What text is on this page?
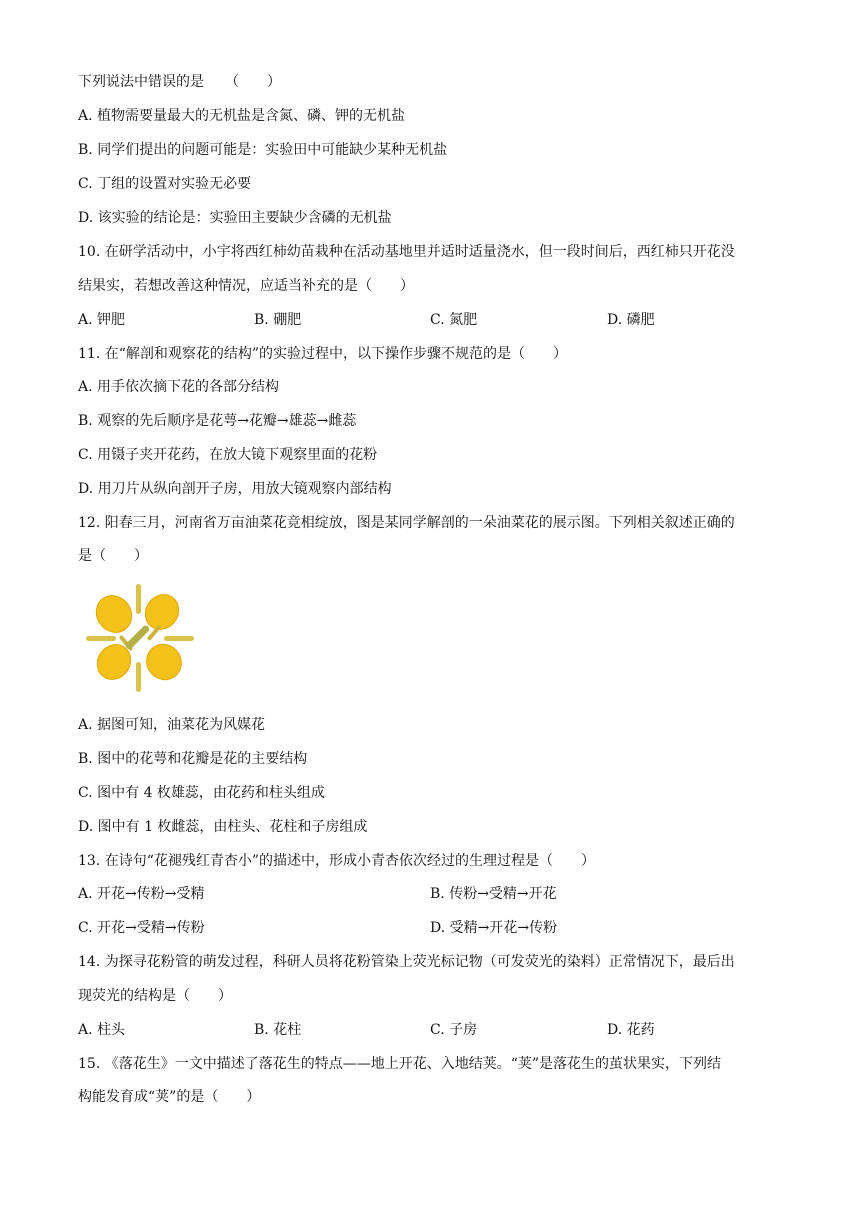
下列说法中错误的是　　（　　）
A. 植物需要量最大的无机盐是含氮、磷、钾的无机盐
B. 同学们提出的问题可能是：实验田中可能缺少某种无机盐
C. 丁组的设置对实验无必要
D. 该实验的结论是：实验田主要缺少含磷的无机盐
10. 在研学活动中，小宇将西红柿幼苗栽种在活动基地里并适时适量浇水，但一段时间后，西红柿只开花没
结果实，若想改善这种情况，应适当补充的是（　　）
A. 钾肥	B. 硼肥	C. 氮肥	D. 磷肥
11. 在“解剖和观察花的结构”的实验过程中，以下操作步骤不规范的是（　　）
A. 用手依次摘下花的各部分结构
B. 观察的先后顺序是花萼→花瓣→雄蕊→雌蕊
C. 用镊子夹开花药，在放大镜下观察里面的花粉
D. 用刀片从纵向剖开子房，用放大镜观察内部结构
12. 阳春三月，河南省万亩油菜花竞相绽放，图是某同学解剖的一朵油菜花的展示图。下列相关叙述正确的
是（　　）
A. 据图可知，油菜花为风媒花
B. 图中的花萼和花瓣是花的主要结构
C. 图中有 4 枚雄蕊，由花药和柱头组成
D. 图中有 1 枚雌蕊，由柱头、花柱和子房组成
13. 在诗句“花褪残红青杏小”的描述中，形成小青杏依次经过的生理过程是（　　）
A. 开花→传粉→受精	B. 传粉→受精→开花
C. 开花→受精→传粉	D. 受精→开花→传粉
14. 为探寻花粉管的萌发过程，科研人员将花粉管染上荧光标记物（可发荧光的染料）正常情况下，最后出
现荧光的结构是（　　）
A. 柱头	B. 花柱	C. 子房	D. 花药
15. 《落花生》一文中描述了落花生的特点——地上开花、入地结荚。“荚”是落花生的茧状果实，下列结
构能发育成“荚”的是（　　）
